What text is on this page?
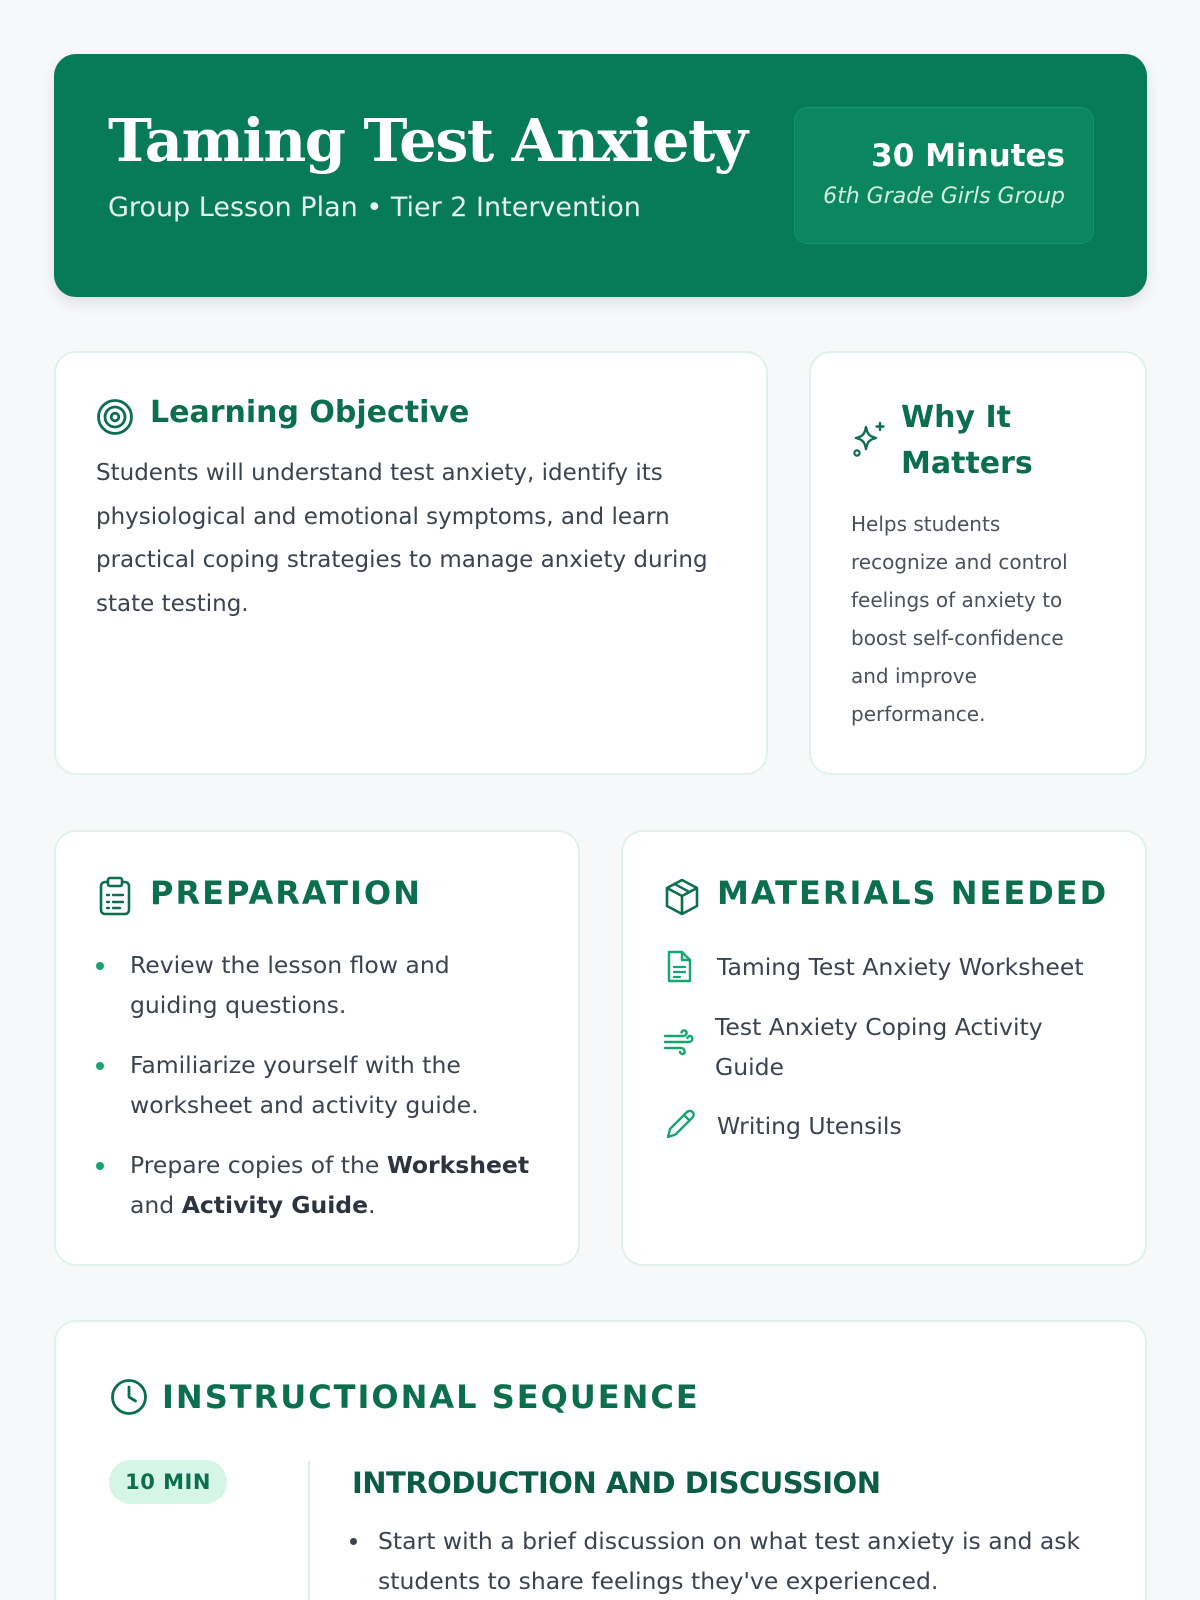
Taming Test Anxiety
Group Lesson Plan • Tier 2 Intervention
30 Minutes
6th Grade Girls Group
Learning Objective
Students will understand test anxiety, identify its
physiological and emotional symptoms, and learn
practical coping strategies to manage anxiety during
state testing.
Why It
Matters
Helps students
recognize and control
feelings of anxiety to
boost self-confidence
and improve
performance.
PREPARATION
Review the lesson flow and
guiding questions.
Familiarize yourself with the
worksheet and activity guide.
Prepare copies of the Worksheet
and Activity Guide.
MATERIALS NEEDED
Taming Test Anxiety Worksheet
Test Anxiety Coping Activity
Guide
Writing Utensils
INSTRUCTIONAL SEQUENCE
10 MIN	INTRODUCTION AND DISCUSSION
Start with a brief discussion on what test anxiety is and ask
students to share feelings they've experienced.
